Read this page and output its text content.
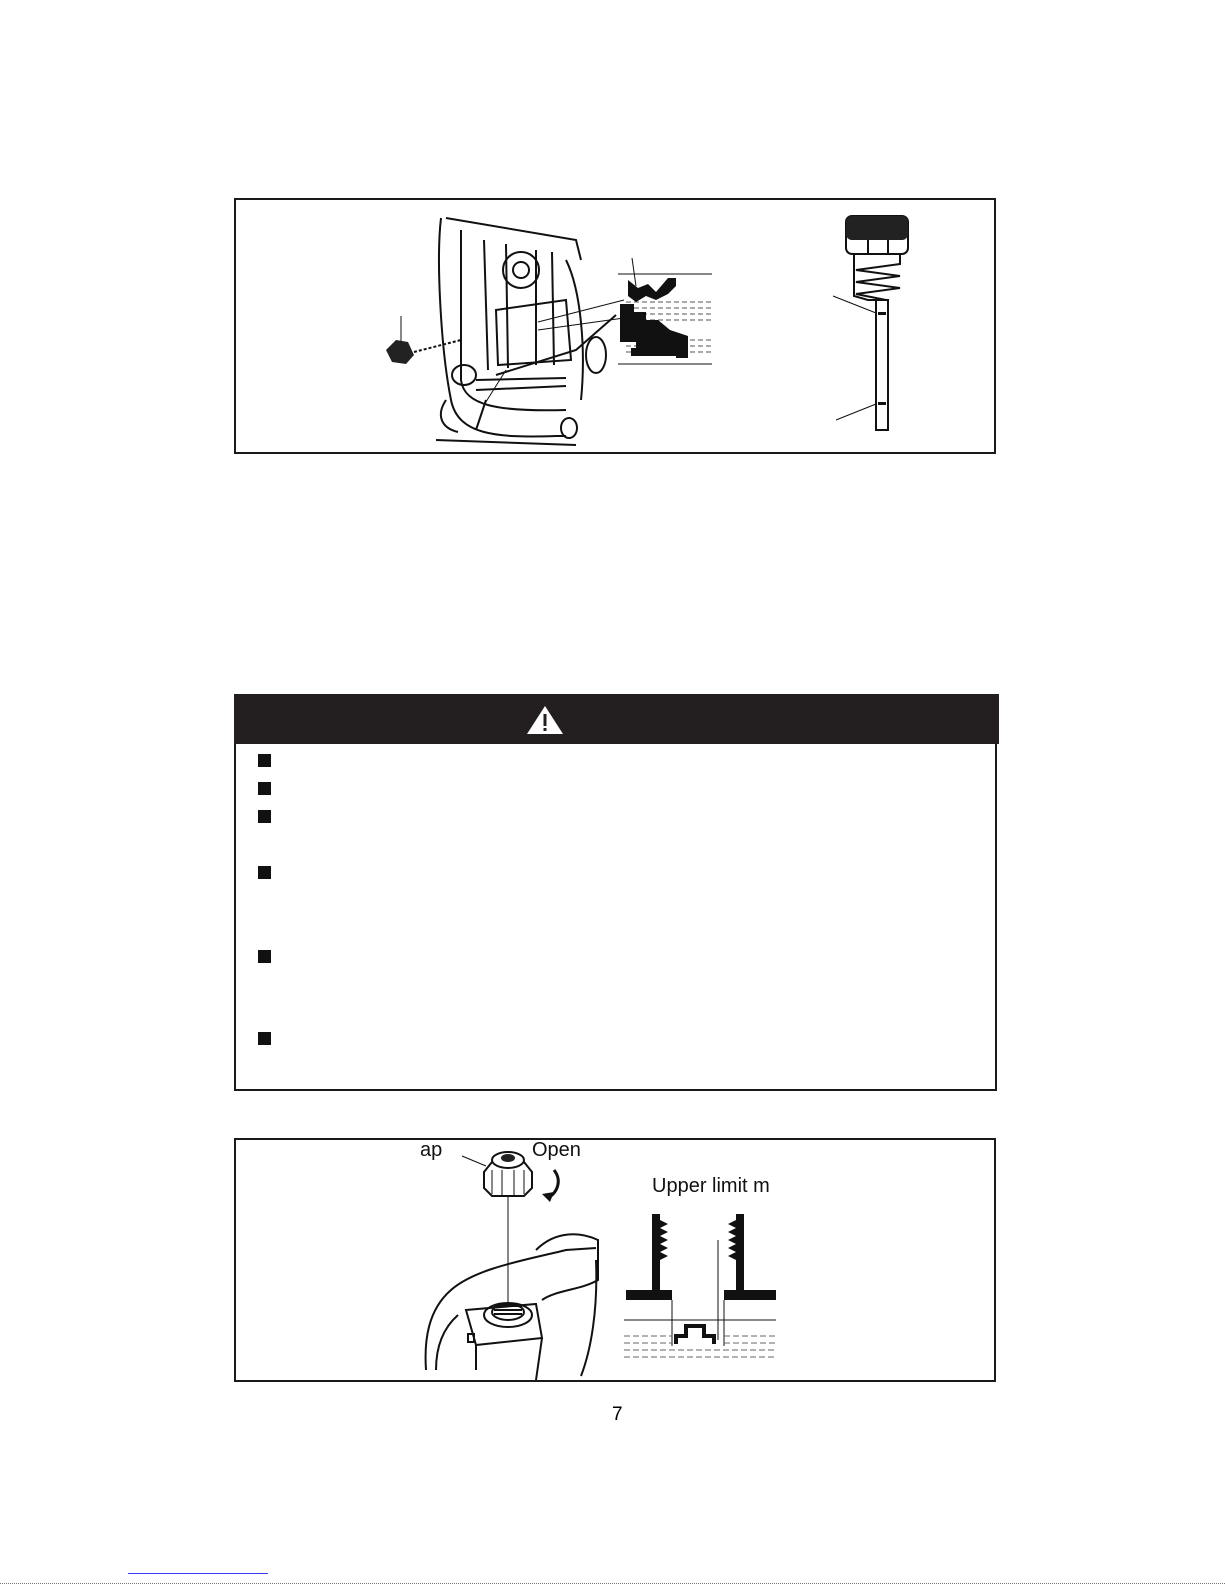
ap	Open
Upper limit m
7
